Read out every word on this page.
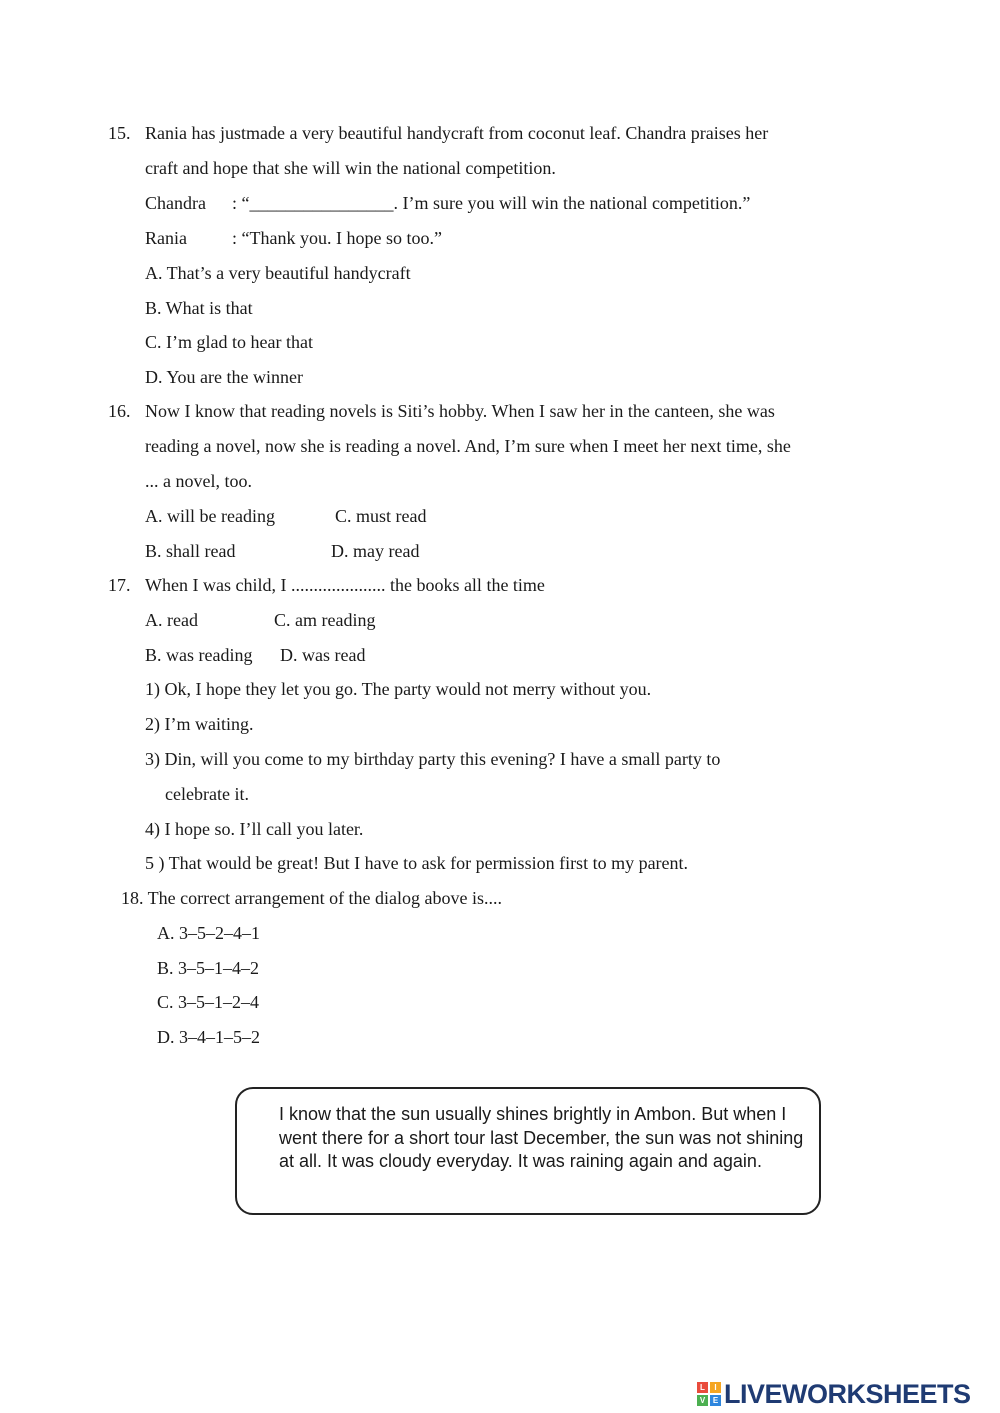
15. Rania has justmade a very beautiful handycraft from coconut leaf. Chandra praises her
craft and hope that she will win the national competition.
Chandra : “________________. I’m sure you will win the national competition.”
Rania	: “Thank you. I hope so too.”
A. That’s a very beautiful handycraft
B. What is that
C. I’m glad to hear that
D. You are the winner
16. Now I know that reading novels is Siti’s hobby. When I saw her in the canteen, she was
reading a novel, now she is reading a novel. And, I’m sure when I meet her next time, she
... a novel, too.
A. will be reading	C. must read
B. shall read	D. may read
17. When I was child, I ..................... the books all the time
A. read	C. am reading
B. was reading D. was read
1) Ok, I hope they let you go. The party would not merry without you.
2) I’m waiting.
3) Din, will you come to my birthday party this evening? I have a small party to
celebrate it.
4) I hope so. I’ll call you later.
5 ) That would be great! But I have to ask for permission first to my parent.
18. The correct arrangement of the dialog above is....
A. 3–5–2–4–1
B. 3–5–1–4–2
C. 3–5–1–2–4
D. 3–4–1–5–2
I know that the sun usually shines brightly in Ambon. But when I went there for a short tour last December, the sun was not shining at all. It was cloudy everyday. It was raining again and again.
L	I
V E LIVEWORKSHEETS
